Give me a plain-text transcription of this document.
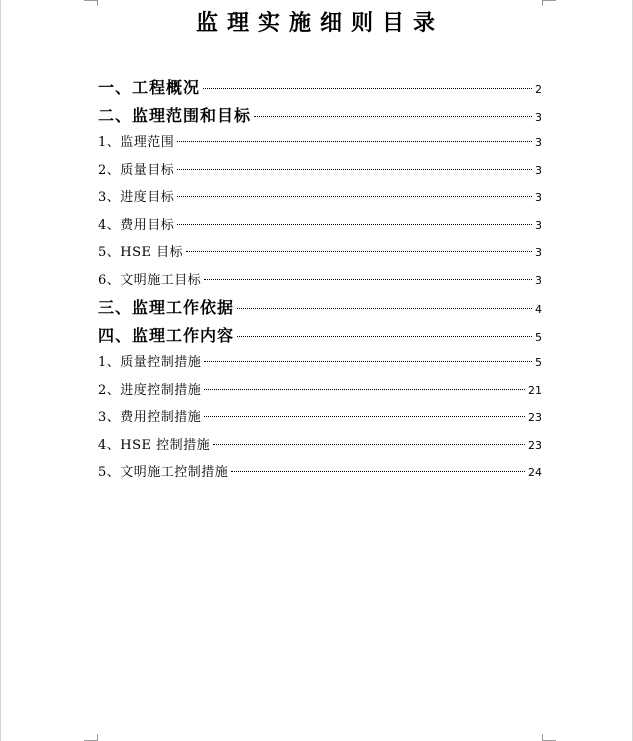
监理实施细则目录
一、工程概况	2
二、监理范围和目标	3
1、监理范围	3
2、质量目标	3
3、进度目标	3
4、费用目标	3
5、HSE 目标	3
6、文明施工目标	3
三、监理工作依据	4
四、监理工作内容	5
1、质量控制措施	5
2、进度控制措施	21
3、费用控制措施	23
4、HSE 控制措施	23
5、文明施工控制措施	24
